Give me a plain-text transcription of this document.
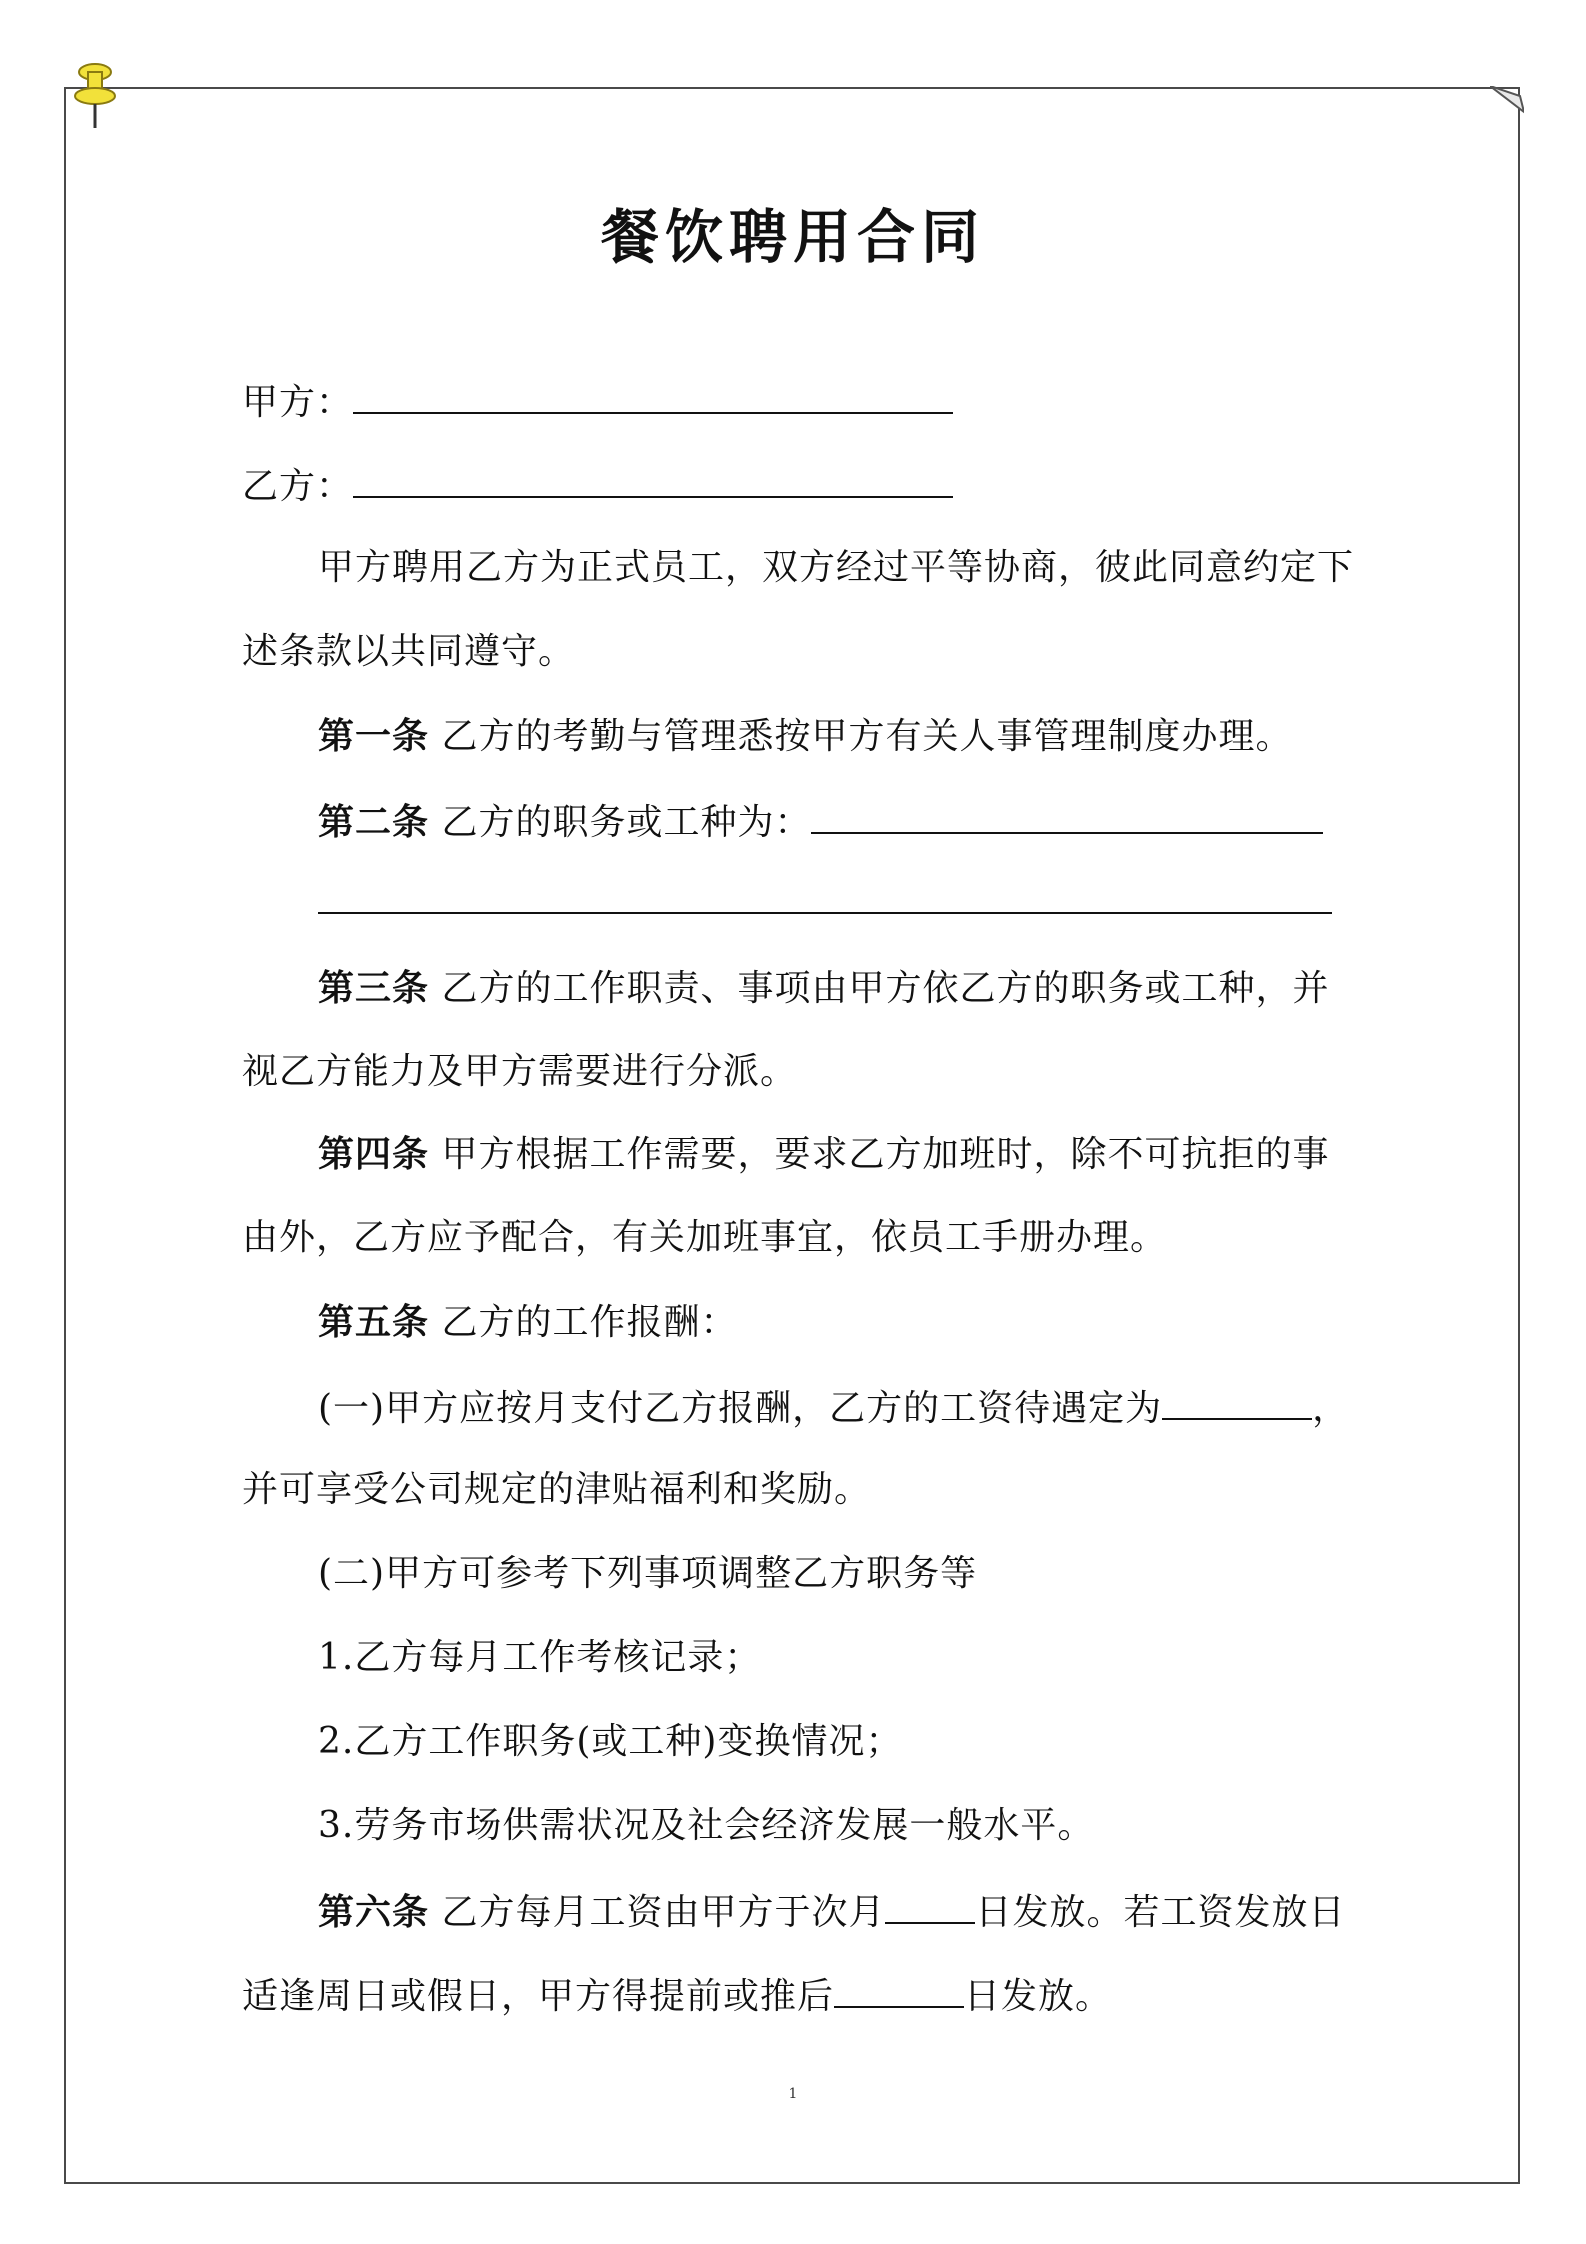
餐饮聘用合同
甲方：
乙方：
甲方聘用乙方为正式员工，双方经过平等协商，彼此同意约定下
述条款以共同遵守。
第一条 乙方的考勤与管理悉按甲方有关人事管理制度办理。
第二条 乙方的职务或工种为：
第三条 乙方的工作职责、事项由甲方依乙方的职务或工种，并
视乙方能力及甲方需要进行分派。
第四条 甲方根据工作需要，要求乙方加班时，除不可抗拒的事
由外，乙方应予配合，有关加班事宜，依员工手册办理。
第五条 乙方的工作报酬：
(一)甲方应按月支付乙方报酬，乙方的工资待遇定为	，
并可享受公司规定的津贴福利和奖励。
(二)甲方可参考下列事项调整乙方职务等
1.乙方每月工作考核记录；
2.乙方工作职务(或工种)变换情况；
3.劳务市场供需状况及社会经济发展一般水平。
第六条 乙方每月工资由甲方于次月	日发放。若工资发放日
适逢周日或假日，甲方得提前或推后	日发放。
1
